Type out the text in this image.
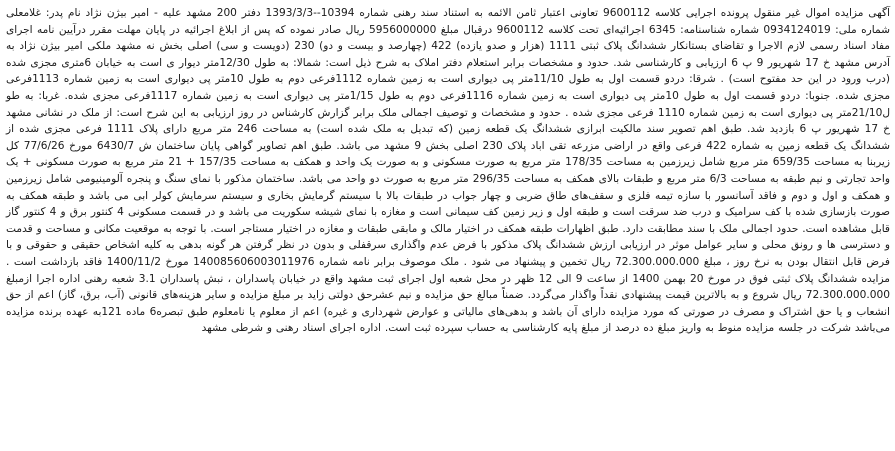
آگهی مزایده اموال غیر منقول پرونده اجرایی کلاسه 9600112 تعاونی اعتبار ثامن الائمه به استناد سند رهنی شماره 10394--1393/3/3 دفتر 200 مشهد علیه - امیر بیژن نژاد نام پدر: غلامعلی شماره ملی: 0934124019 شماره شناسنامه: 6345 اجرائیه‌ای تحت کلاسه 9600112 درقبال مبلغ 5956000000 ریال صادر نموده که پس از ابلاغ اجرائیه در پایان مهلت مقرر درآیین نامه اجرای مفاد اسناد رسمی لازم الاجرا و تقاضای بستانکار ششدانگ پلاک ثبتی 1111 (هزار و صدو یازده) 422 (چهارصد و بیست و دو) 230 (دویست و سی) اصلی بخش نه مشهد ملکی امیر بیژن نژاد به آدرس مشهد خ 17 شهریور 9 پ 6 ارزیابی و کارشناسی شد. حدود و مشخصات برابر استعلام دفتر املاک به شرح ذیل است: شمالا: به طول 12/30متر دیوار ی است به خیابان 6متری مجزی شده (درب ورود در این حد مفتوح است) . شرقا: دردو قسمت اول به طول 11/10متر پی دیواری است به زمین شماره 1112فرعی دوم به طول 10متر پی دیواری است به زمین شماره 1113فرعی مجزی شده. جنوبا: دردو قسمت اول به طول 10متر پی دیواری است به زمین شماره 1116فرعی دوم به طول 1/15متر پی دیواری است به زمین شماره 1117فرعی مجزی شده. غربا: به طو ل21/10متر پی دیواری است به زمین شماره 1110 فرعی مجزی شده . حدود و مشخصات و توصیف اجمالی ملک برابر گزارش کارشناس در روز ارزیابی به این شرح است: از ملک در نشانی مشهد خ 17 شهریور پ 6 بازدید شد. طبق اهم تصویر سند مالکیت ابرازی ششدانگ یک قطعه زمین (که تبدیل به ملک شده است) به مساحت 246 متر مربع دارای پلاک 1111 فرعی مجزی شده از ششدانگ یک قطعه زمین به شماره 422 فرعی واقع در اراضی مزرعه تقی اباد پلاک 230 اصلی بخش 9 مشهد می باشد. طبق اهم تصاویر گواهی پایان ساختمان ش 6430/7 مورخ 77/6/26 کل زیربنا به مساحت 659/35 متر مربع شامل زیرزمین به مساحت 178/35 متر مربع به صورت مسکونی و به صورت یک واحد و همکف به مساحت 157/35 + 21 متر مربع به صورت مسکونی + یک واحد تجارتی و نیم طبقه به مساحت 6/3 متر مربع و طبقات بالای همکف به مساحت 296/35 متر مربع به صورت دو واحد می باشد. ساختمان مذکور با نمای سنگ و پنجره آلومینیومی شامل زیرزمین و همکف و اول و دوم و فاقد آسانسور با سازه تیمه فلزی و سقف‌های طاق ضربی و چهار جواب در طبقات بالا با سیستم گرمایش بخاری و سیستم سرمایش کولر ابی می باشد و طبقه همکف به صورت بازسازی شده با کف سرامیک و درب ضد سرقت است و طبقه اول و زیر زمین کف سیمانی است و مغازه با نمای شیشه سکوریت می باشد و در قسمت مسکونی 4 کنتور برق و 4 کنتور گاز قابل مشاهده است. حدود اجمالی ملک با سند مطابقت دارد. طبق اظهارات طبقه همکف در اختیار مالک و مابقی طبقات و مغازه در اختیار مستاجر است. با توجه به موقعیت مکانی و مساحت و قدمت و دسترسی ها و رونق محلی و سایر عوامل موثر در ارزیابی ارزش ششدانگ پلاک مذکور با فرض عدم واگذاری سرقفلی و بدون در نظر گرفتن هر گونه بدهی به کلیه اشخاص حقیقی و حقوقی و با فرض قابل انتقال بودن به نرخ روز ، مبلغ 72.300.000.000 ریال تخمین و پیشنهاد می شود . ملک موصوف برابر نامه شماره 140085606003011976 مورخ 1400/11/2 فاقد بازداشت است . مزایده ششدانگ پلاک ثبتی فوق در مورخ 20 بهمن 1400 از ساعت 9 الی 12 ظهر در محل شعبه اول اجرای ثبت مشهد واقع در خیابان پاسداران ، نبش پاسداران 3.1 شعبه رهنی اداره اجرا ازمبلغ 72.300.000.000 ریال شروع و به بالاترین قیمت پیشنهادی نقداً واگذار می‌گردد. ضمناً مبالغ حق مزایده و نیم عشرحق دولتی زاید بر مبلغ مزایده و سایر هزینه‌های قانونی (آب، برق، گاز) اعم از حق انشعاب و یا حق اشتراک و مصرف در صورتی که مورد مزایده دارای آن باشد و بدهی‌های مالیاتی و عوارض شهرداری و غیره) اعم از معلوم یا نامعلوم طبق تبصره6 ماده 121به عهده برنده مزایده می‌باشد شرکت در جلسه مزایده منوط به واریز مبلغ ده درصد از مبلغ پایه کارشناسی به حساب سپرده ثبت است. اداره اجرای اسناد رهنی و شرطی مشهد
